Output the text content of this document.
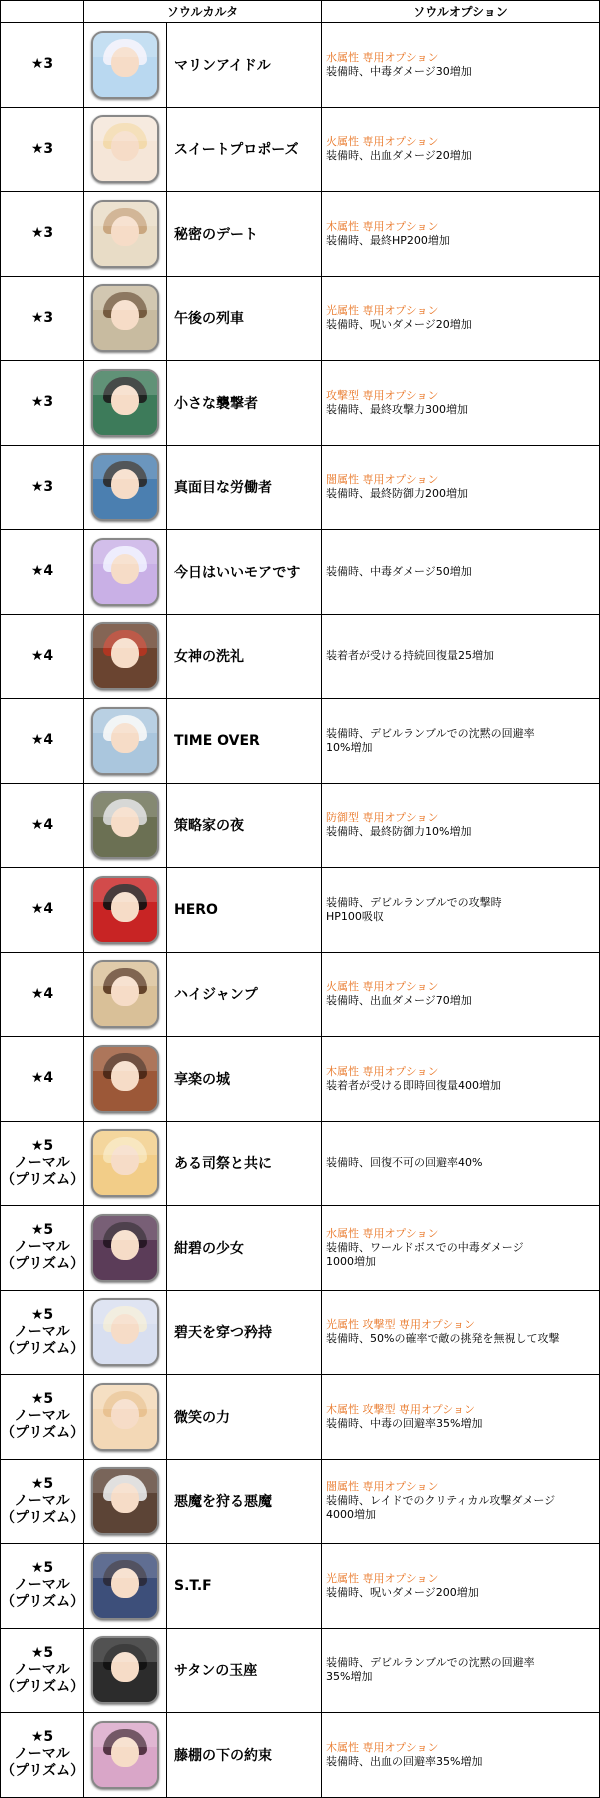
	ソウルカルタ		ソウルオプション

★3		マリンアイドル	水属性 専用オプション
装備時、中毒ダメージ30増加

★3		スイートプロポーズ	火属性 専用オプション
装備時、出血ダメージ20増加

★3		秘密のデート	木属性 専用オプション
装備時、最終HP200増加

★3		午後の列車	光属性 専用オプション
装備時、呪いダメージ20増加

★3		小さな襲撃者	攻撃型 専用オプション
装備時、最終攻撃力300増加

★3		真面目な労働者	闇属性 専用オプション
装備時、最終防御力200増加

★4		今日はいいモアです	装備時、中毒ダメージ50増加

★4		女神の洗礼	装着者が受ける持続回復量25増加

★4		TIME OVER	装備時、デビルランブルでの沈黙の回避率
10%増加

★4		策略家の夜	防御型 専用オプション
装備時、最終防御力10%増加

★4		HERO	装備時、デビルランブルでの攻撃時
HP100吸収

★4		ハイジャンプ	火属性 専用オプション
装備時、出血ダメージ70増加

★4		享楽の城	木属性 専用オプション
装着者が受ける即時回復量400増加

★5
ノーマル
（プリズム）		ある司祭と共に	装備時、回復不可の回避率40%

★5
ノーマル
（プリズム）		紺碧の少女	水属性 専用オプション
装備時、ワールドボスでの中毒ダメージ
1000増加

★5
ノーマル
（プリズム）		碧天を穿つ矜持	光属性 攻撃型 専用オプション
装備時、50%の確率で敵の挑発を無視して攻撃

★5
ノーマル
（プリズム）		微笑の力	木属性 攻撃型 専用オプション
装備時、中毒の回避率35%増加

★5
ノーマル
（プリズム）		悪魔を狩る悪魔	闇属性 専用オプション
装備時、レイドでのクリティカル攻撃ダメージ
4000増加

★5
ノーマル
（プリズム）		S.T.F	光属性 専用オプション
装備時、呪いダメージ200増加

★5
ノーマル
（プリズム）		サタンの玉座	装備時、デビルランブルでの沈黙の回避率
35%増加

★5
ノーマル
（プリズム）		藤棚の下の約束	木属性 専用オプション
装備時、出血の回避率35%増加
